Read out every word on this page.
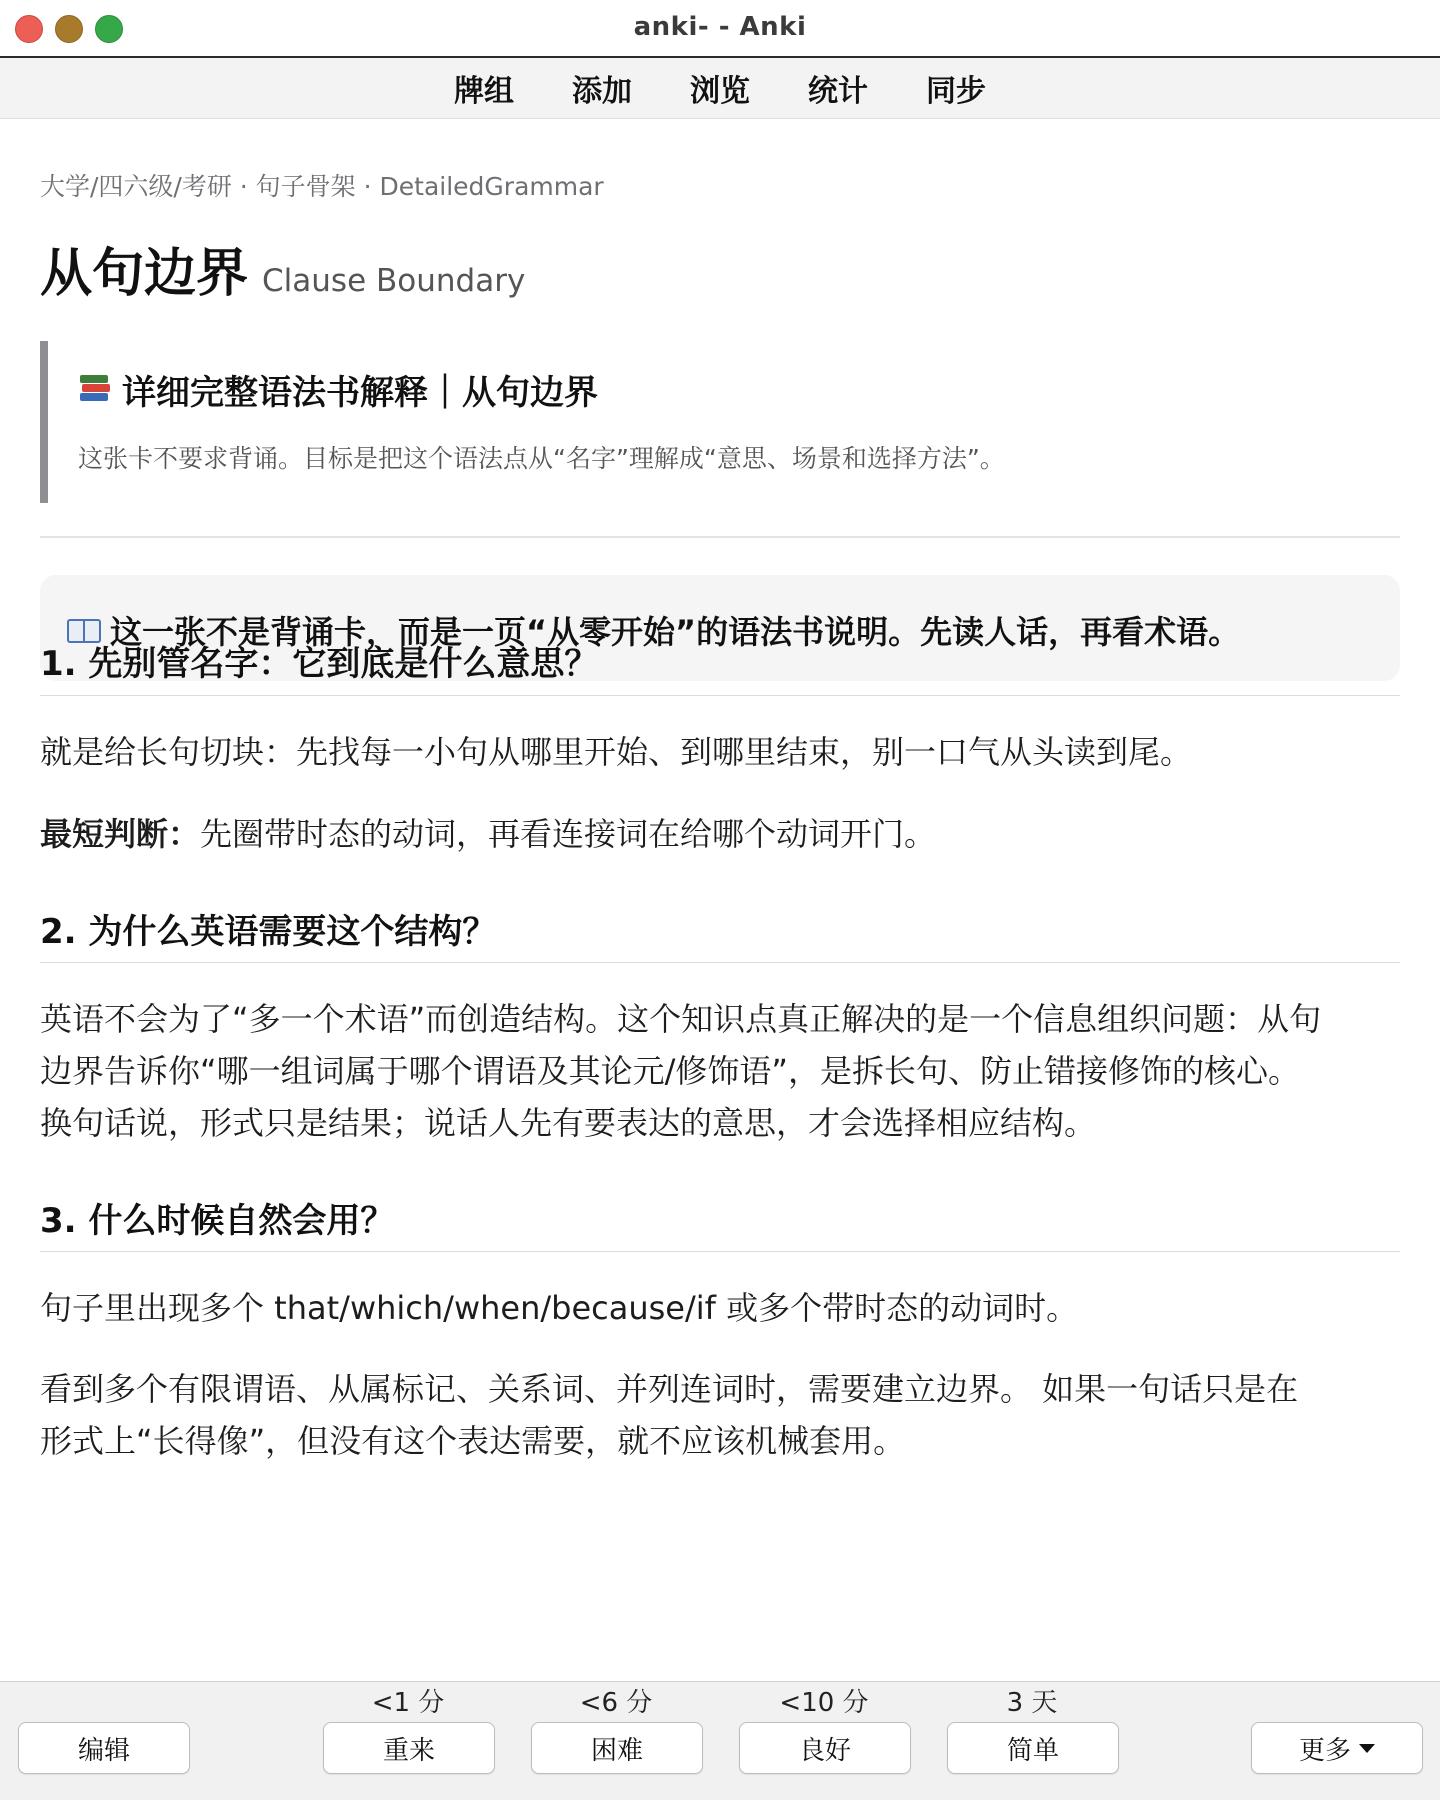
anki- - Anki
牌组 添加 浏览 统计 同步
大学/四六级/考研 · 句子骨架 · DetailedGrammar
从句边界 Clause Boundary
详细完整语法书解释｜从句边界
这张卡不要求背诵。目标是把这个语法点从“名字”理解成“意思、场景和选择方法”。
这一张不是背诵卡，而是一页“从零开始”的语法书说明。先读人话，再看术语。
1. 先别管名字：它到底是什么意思？
就是给长句切块：先找每一小句从哪里开始、到哪里结束，别一口气从头读到尾。
最短判断：先圈带时态的动词，再看连接词在给哪个动词开门。
2. 为什么英语需要这个结构？
英语不会为了“多一个术语”而创造结构。这个知识点真正解决的是一个信息组织问题：从句
边界告诉你“哪一组词属于哪个谓语及其论元/修饰语”，是拆长句、防止错接修饰的核心。
换句话说，形式只是结果；说话人先有要表达的意思，才会选择相应结构。
3. 什么时候自然会用？
句子里出现多个 that/which/when/because/if 或多个带时态的动词时。
看到多个有限谓语、从属标记、关系词、并列连词时，需要建立边界。 如果一句话只是在
形式上“长得像”，但没有这个表达需要，就不应该机械套用。
编辑
<1 分
重来
<6 分
困难
<10 分
良好
3 天
简单	更多
